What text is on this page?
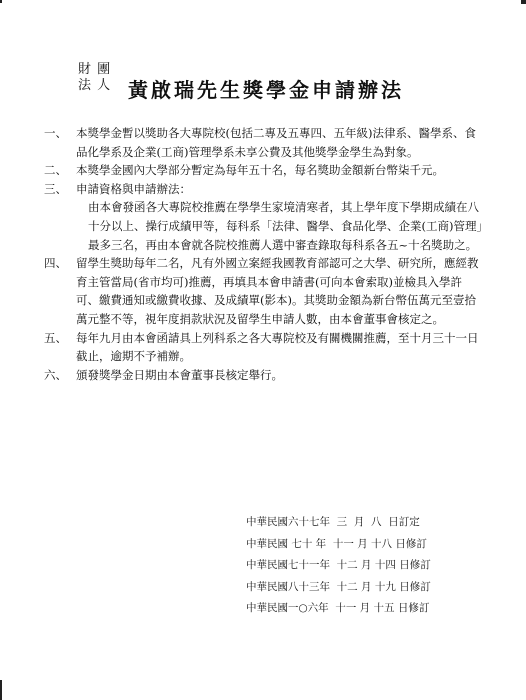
財 團
法 人 黃啟瑞先生獎學金申請辦法
一、 本獎學金暫以獎助各大專院校(包括二專及五專四、五年級)法律系、醫學系、食品化學系及企業(工商)管理學系未享公費及其他獎學金學生為對象。
二、 本獎學金國內大學部分暫定為每年五十名，每名獎助金額新台幣柒千元。
三、 申請資格與申請辦法：
由本會發函各大專院校推薦在學學生家境清寒者，其上學年度下學期成績在八十分以上、操行成績甲等，每科系「法律、醫學、食品化學、企業(工商)管理」最多三名，再由本會就各院校推薦人選中審查錄取每科系各五~十名獎助之。
四、 留學生獎助每年二名，凡有外國立案經我國教育部認可之大學、研究所，應經教育主管當局(省市均可)推薦，再填具本會申請書(可向本會索取)並檢具入學許可、繳費通知或繳費收據、及成績單(影本)。其獎助金額為新台幣伍萬元至壹拾萬元整不等，視年度捐款狀況及留學生申請人數，由本會董事會核定之。
五、 每年九月由本會函請具上列科系之各大專院校及有關機關推薦，至十月三十一日截止，逾期不予補辦。
六、 頒發獎學金日期由本會董事長核定舉行。
中華民國六十七年  三  月  八  日訂定
中華民國 七十 年  十一 月 十八 日修訂
中華民國七十一年  十二 月 十四 日修訂
中華民國八十三年  十二 月 十九 日修訂
中華民國一○六年  十一 月 十五 日修訂
